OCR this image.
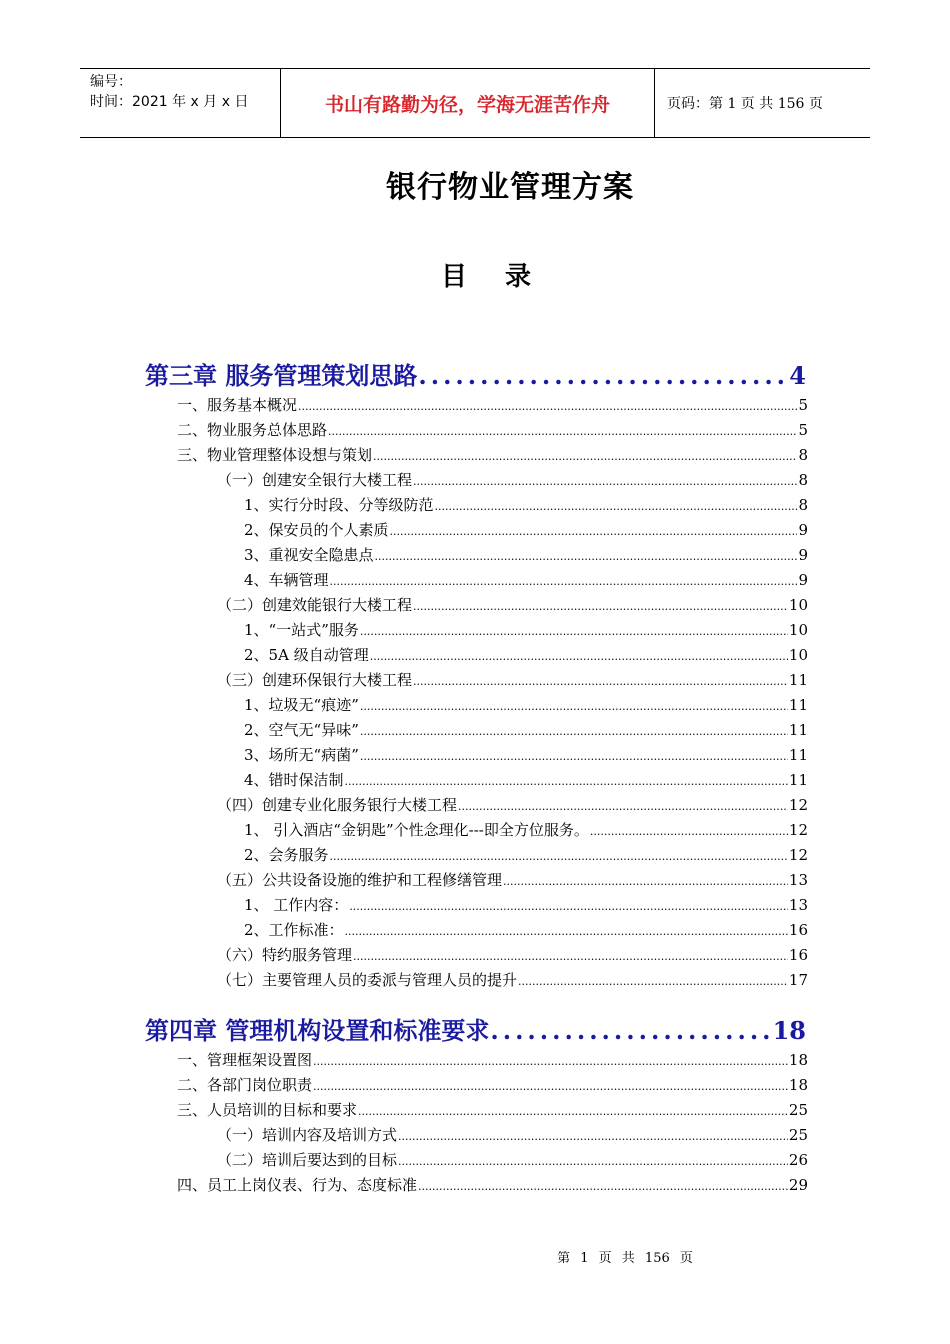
编号：
时间：2021 年 x 月 x 日	书山有路勤为径，学海无涯苦作舟	页码：第 1 页 共 156 页
银行物业管理方案
目录
第三章 服务管理策划思路 .....	4
一、服务基本概况 .....	5
二、物业服务总体思路 .....	5
三、物业管理整体设想与策划 .....	8
（一）创建安全银行大楼工程 .....	8
1、实行分时段、分等级防范 .....	8
2、保安员的个人素质 .....	9
3、重视安全隐患点 .....	9
4、车辆管理 .....	9
（二）创建效能银行大楼工程 .....	10
1、“一站式”服务 .....	10
2、5A 级自动管理 .....	10
（三）创建环保银行大楼工程 .....	11
1、垃圾无“痕迹” .....	11
2、空气无“异味” .....	11
3、场所无“病菌” .....	11
4、错时保洁制 .....	11
（四）创建专业化服务银行大楼工程 .....	12
1、 引入酒店“金钥匙”个性念理化---即全方位服务。 .....	12
2、会务服务 .....	12
（五）公共设备设施的维护和工程修缮管理 .....	13
1、 工作内容： .....	13
2、工作标准： .....	16
（六）特约服务管理 .....	16
（七）主要管理人员的委派与管理人员的提升 .....	17
第四章 管理机构设置和标准要求 .....	18
一、管理框架设置图 .....	18
二、各部门岗位职责 .....	18
三、人员培训的目标和要求 .....	25
（一）培训内容及培训方式 .....	25
（二）培训后要达到的目标 .....	26
四、员工上岗仪表、行为、态度标准 .....	29
第 1 页 共 156 页
